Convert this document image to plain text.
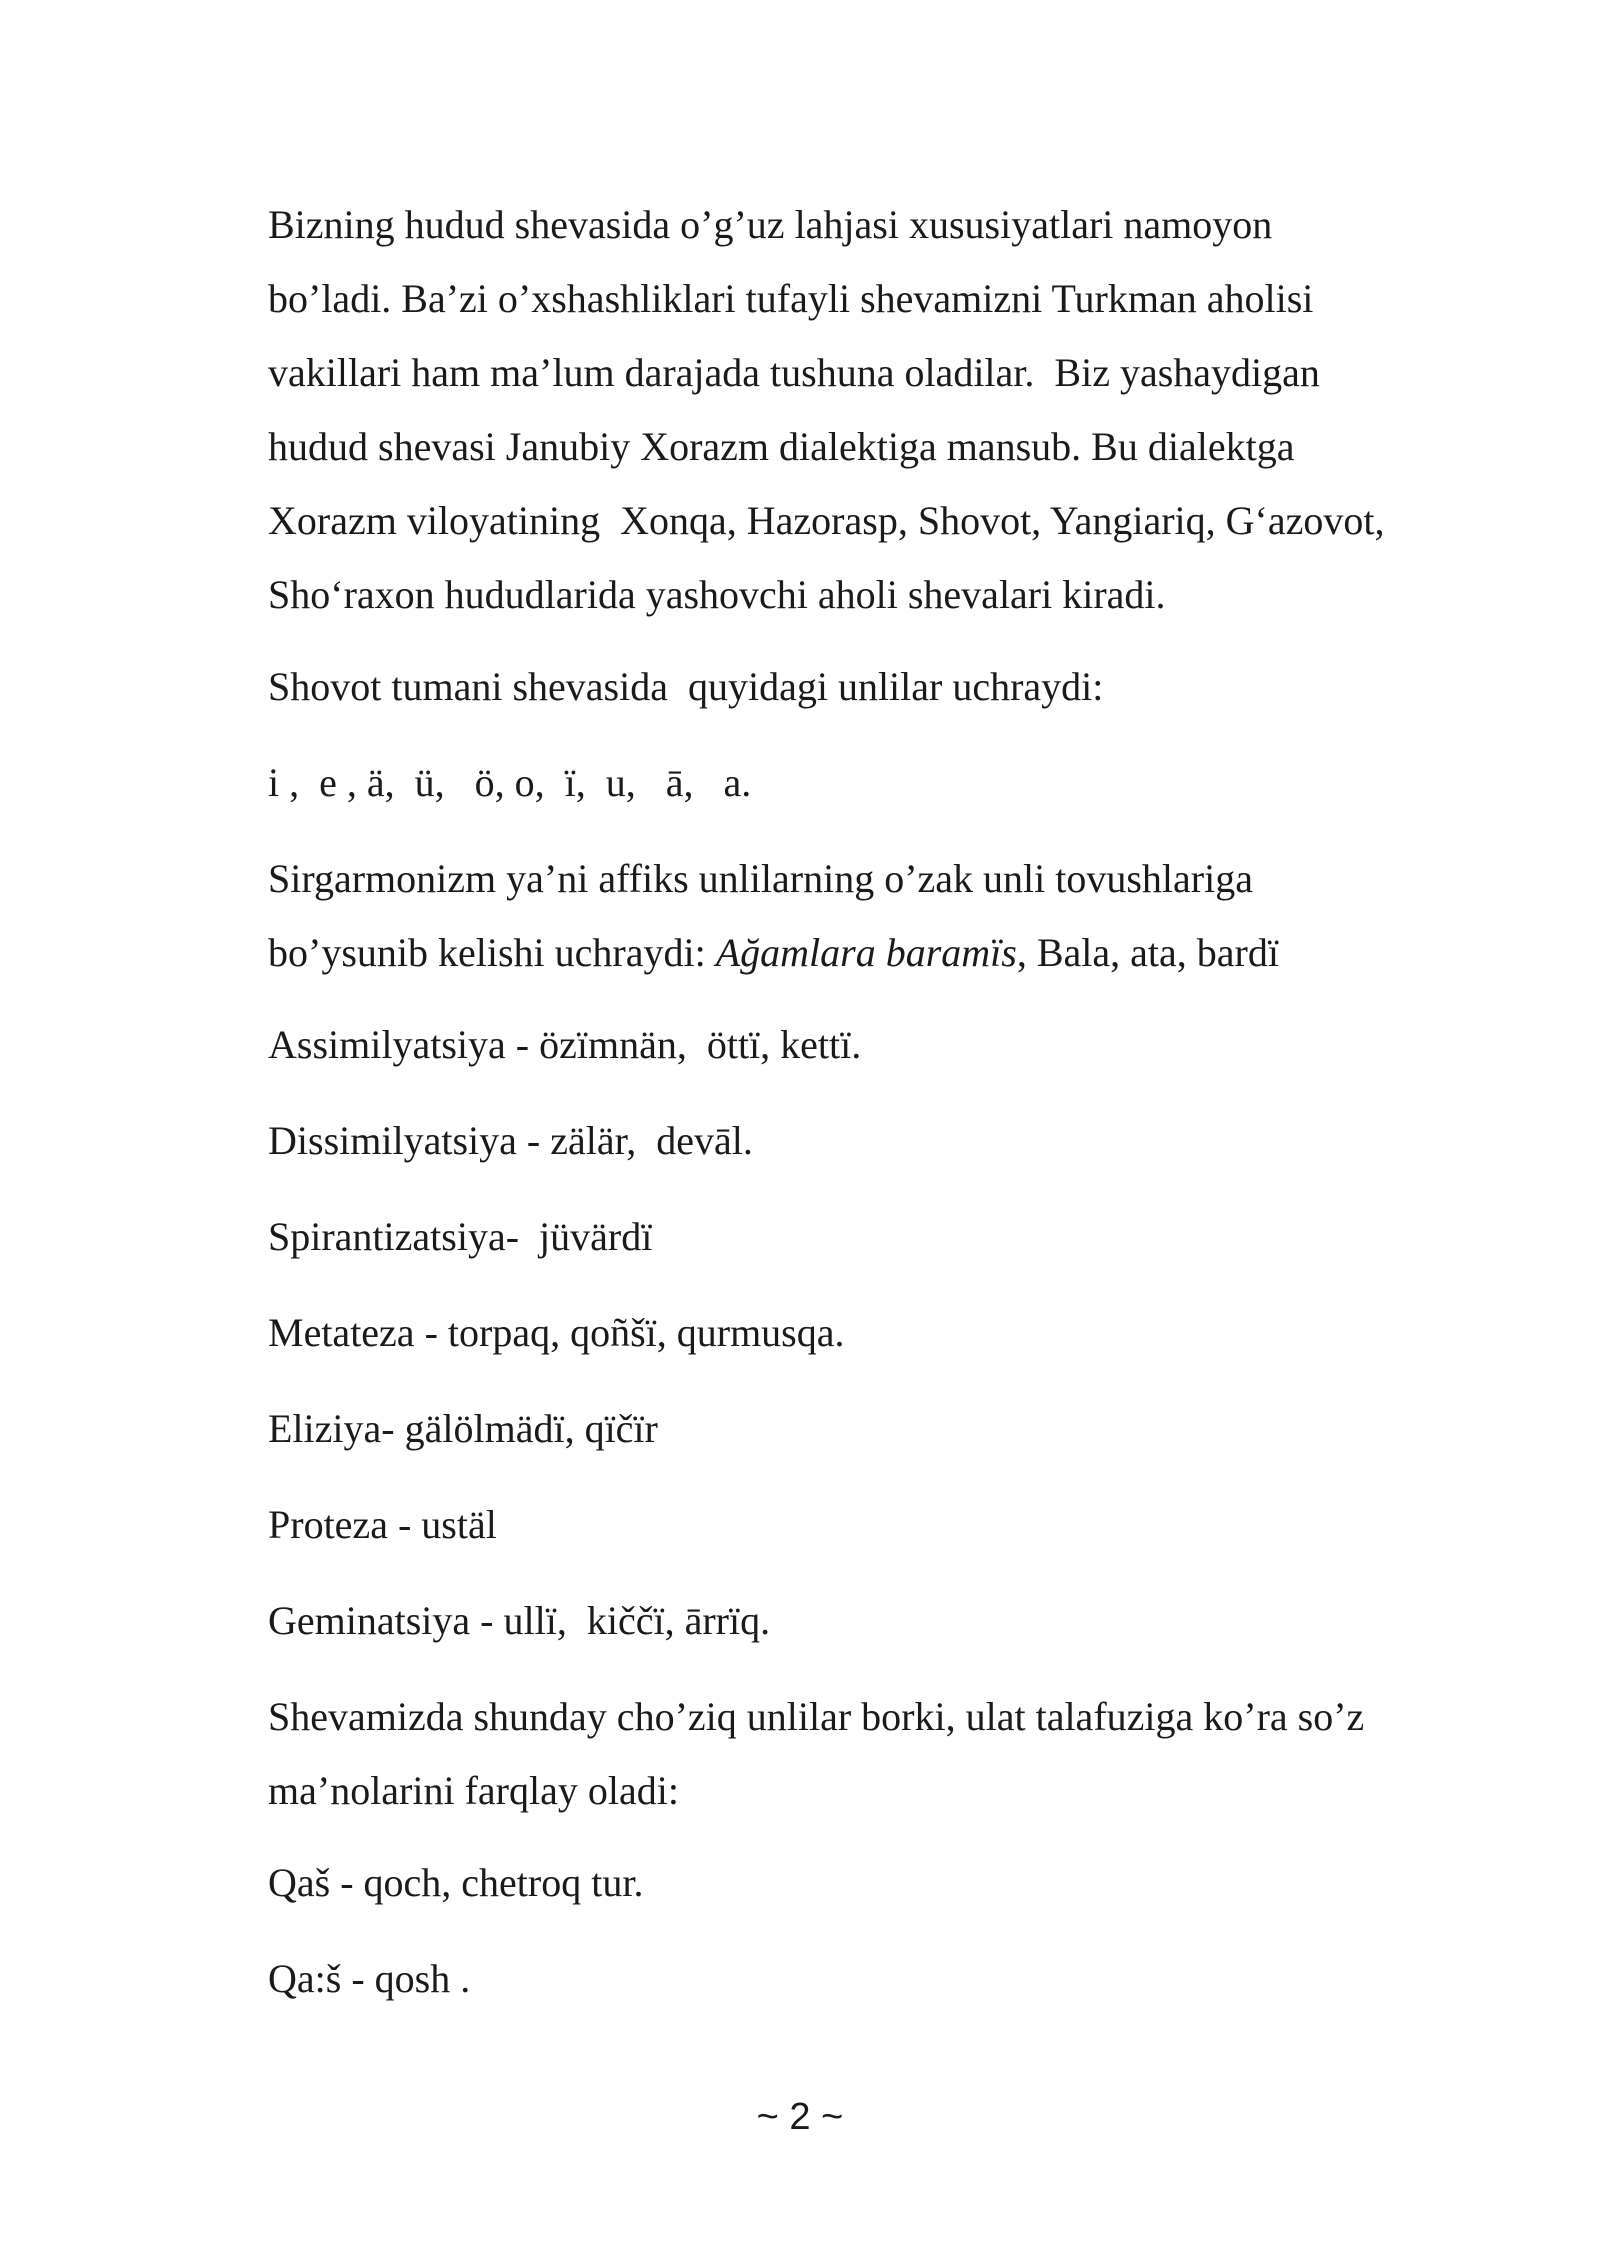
Bizning hudud shevasida o’g’uz lahjasi xususiyatlari namoyon
bo’ladi. Ba’zi o’xshashliklari tufayli shevamizni Turkman aholisi
vakillari ham ma’lum darajada tushuna oladilar.  Biz yashaydigan
hudud shevasi Janubiy Xorazm dialektiga mansub. Bu dialektga
Xorazm viloyatining  Xonqa, Hazorasp, Shovot, Yangiariq, G‘azovot,
Sho‘raxon hududlarida yashovchi aholi shevalari kiradi.

Shovot tumani shevasida  quyidagi unlilar uchraydi:

i ,  e , ä,  ü,   ö, o,  ï,  u,   ā,   a.

Sirgarmonizm ya’ni affiks unlilarning o’zak unli tovushlariga
bo’ysunib kelishi uchraydi: Ağamlara baramïs, Bala, ata, bardï

Assimilyatsiya - özïmnän,  öttï, kettï.

Dissimilyatsiya - zälär,  devāl.

Spirantizatsiya-  jüvärdï

Metateza - torpaq, qoñšï, qurmusqa.

Eliziya- gälölmädï, qïčïr

Proteza - ustäl

Geminatsiya - ullï,  kiččï, ārrïq.

Shevamizda shunday cho’ziq unlilar borki, ulat talafuziga ko’ra so’z
ma’nolarini farqlay oladi:

Qaš - qoch, chetroq tur.

Qa:š - qosh .

~ 2 ~
